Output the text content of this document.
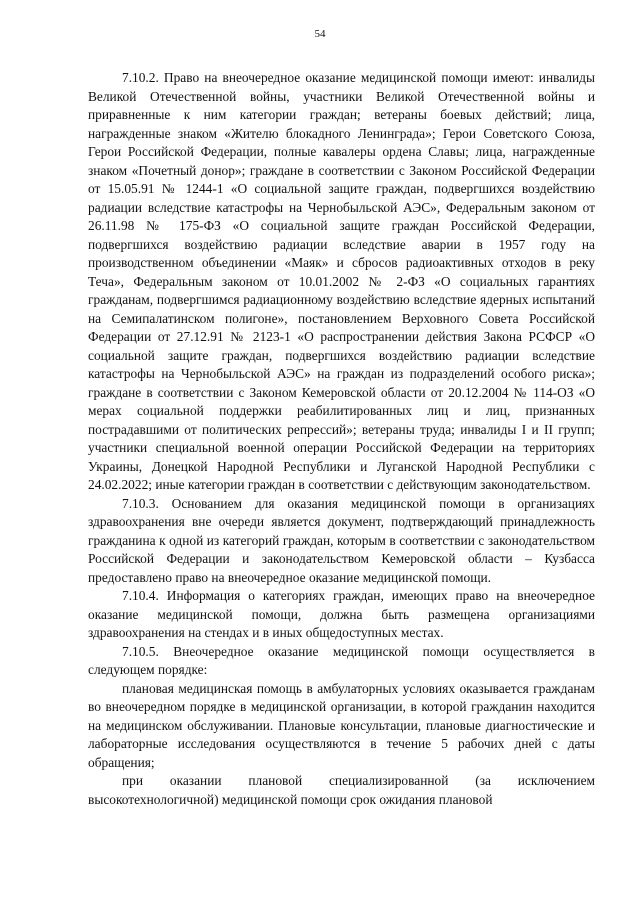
54

7.10.2. Право на внеочередное оказание медицинской помощи имеют: инвалиды Великой Отечественной войны, участники Великой Отечественной войны и приравненные к ним категории граждан; ветераны боевых действий; лица, награжденные знаком «Жителю блокадного Ленинграда»; Герои Советского Союза, Герои Российской Федерации, полные кавалеры ордена Славы; лица, награжденные знаком «Почетный донор»; граждане в соответствии с Законом Российской Федерации от 15.05.91 № 1244-1 «О социальной защите граждан, подвергшихся воздействию радиации вследствие катастрофы на Чернобыльской АЭС», Федеральным законом от 26.11.98 № 175-ФЗ «О социальной защите граждан Российской Федерации, подвергшихся воздействию радиации вследствие аварии в 1957 году на производственном объединении «Маяк» и сбросов радиоактивных отходов в реку Теча», Федеральным законом от 10.01.2002 № 2-ФЗ «О социальных гарантиях гражданам, подвергшимся радиационному воздействию вследствие ядерных испытаний на Семипалатинском полигоне», постановлением Верховного Совета Российской Федерации от 27.12.91 № 2123-1 «О распространении действия Закона РСФСР «О социальной защите граждан, подвергшихся воздействию радиации вследствие катастрофы на Чернобыльской АЭС» на граждан из подразделений особого риска»; граждане в соответствии с Законом Кемеровской области от 20.12.2004 № 114-ОЗ «О мерах социальной поддержки реабилитированных лиц и лиц, признанных пострадавшими от политических репрессий»; ветераны труда; инвалиды I и II групп; участники специальной военной операции Российской Федерации на территориях Украины, Донецкой Народной Республики и Луганской Народной Республики с 24.02.2022; иные категории граждан в соответствии с действующим законодательством.

7.10.3. Основанием для оказания медицинской помощи в организациях здравоохранения вне очереди является документ, подтверждающий принадлежность гражданина к одной из категорий граждан, которым в соответствии с законодательством Российской Федерации и законодательством Кемеровской области – Кузбасса предоставлено право на внеочередное оказание медицинской помощи.

7.10.4. Информация о категориях граждан, имеющих право на внеочередное оказание медицинской помощи, должна быть размещена организациями здравоохранения на стендах и в иных общедоступных местах.

7.10.5. Внеочередное оказание медицинской помощи осуществляется в следующем порядке:

плановая медицинская помощь в амбулаторных условиях оказывается гражданам во внеочередном порядке в медицинской организации, в которой гражданин находится на медицинском обслуживании. Плановые консультации, плановые диагностические и лабораторные исследования осуществляются в течение 5 рабочих дней с даты обращения;

при оказании плановой специализированной (за исключением высокотехнологичной) медицинской помощи срок ожидания плановой
